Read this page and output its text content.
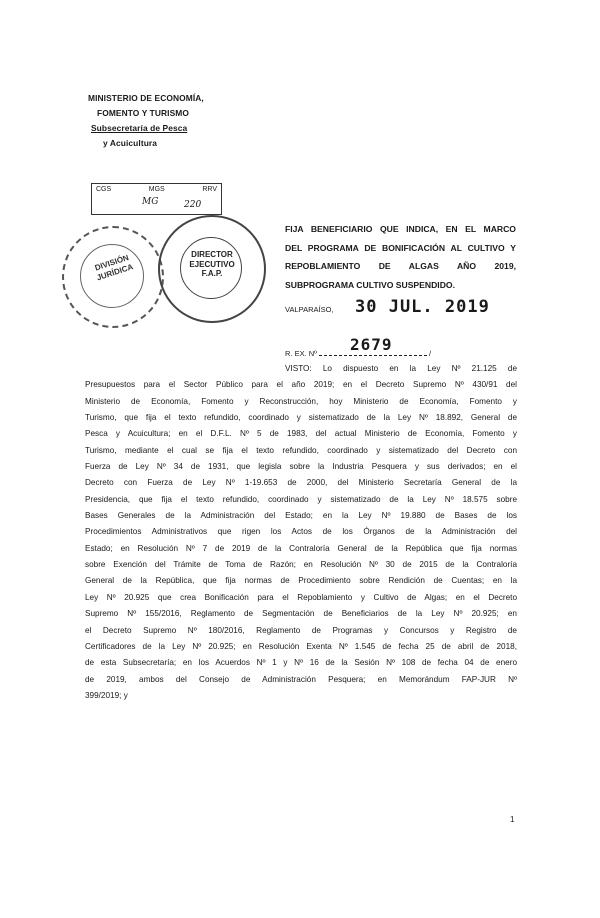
MINISTERIO DE ECONOMÍA,
FOMENTO Y TURISMO
Subsecretaría de Pesca
y Acuicultura
CGS	MGS	RRV
MG	220
DIVISIÓN JURÍDICA
DIRECTOR EJECUTIVO F.A.P.
FIJA BENEFICIARIO QUE INDICA, EN EL MARCO
DEL PROGRAMA DE BONIFICACIÓN AL CULTIVO Y
REPOBLAMIENTO DE ALGAS AÑO 2019,
SUBPROGRAMA CULTIVO SUSPENDIDO.
VALPARAÍSO, 30 JUL. 2019
2679
R. EX. Nº	/
VISTO: Lo dispuesto en la Ley Nº 21.125 de
Presupuestos para el Sector Público para el año 2019; en el Decreto Supremo Nº 430/91 del
Ministerio de Economía, Fomento y Reconstrucción, hoy Ministerio de Economía, Fomento y
Turismo, que fija el texto refundido, coordinado y sistematizado de la Ley Nº 18.892, General de
Pesca y Acuicultura; en el D.F.L. Nº 5 de 1983, del actual Ministerio de Economía, Fomento y
Turismo, mediante el cual se fija el texto refundido, coordinado y sistematizado del Decreto con
Fuerza de Ley Nº 34 de 1931, que legisla sobre la Industria Pesquera y sus derivados; en el
Decreto con Fuerza de Ley Nº 1-19.653 de 2000, del Ministerio Secretaría General de la
Presidencia, que fija el texto refundido, coordinado y sistematizado de la Ley Nº 18.575 sobre
Bases Generales de la Administración del Estado; en la Ley Nº 19.880 de Bases de los
Procedimientos Administrativos que rigen los Actos de los Órganos de la Administración del
Estado; en Resolución Nº 7 de 2019 de la Contraloría General de la República que fija normas
sobre Exención del Trámite de Toma de Razón; en Resolución Nº 30 de 2015 de la Contraloría
General de la República, que fija normas de Procedimiento sobre Rendición de Cuentas; en la
Ley Nº 20.925 que crea Bonificación para el Repoblamiento y Cultivo de Algas; en el Decreto
Supremo Nº 155/2016, Reglamento de Segmentación de Beneficiarios de la Ley Nº 20.925; en
el Decreto Supremo Nº 180/2016, Reglamento de Programas y Concursos y Registro de
Certificadores de la Ley Nº 20.925; en Resolución Exenta Nº 1.545 de fecha 25 de abril de 2018,
de esta Subsecretaría; en los Acuerdos Nº 1 y Nº 16 de la Sesión Nº 108 de fecha 04 de enero
de 2019, ambos del Consejo de Administración Pesquera; en Memorándum FAP-JUR Nº
399/2019; y
1
